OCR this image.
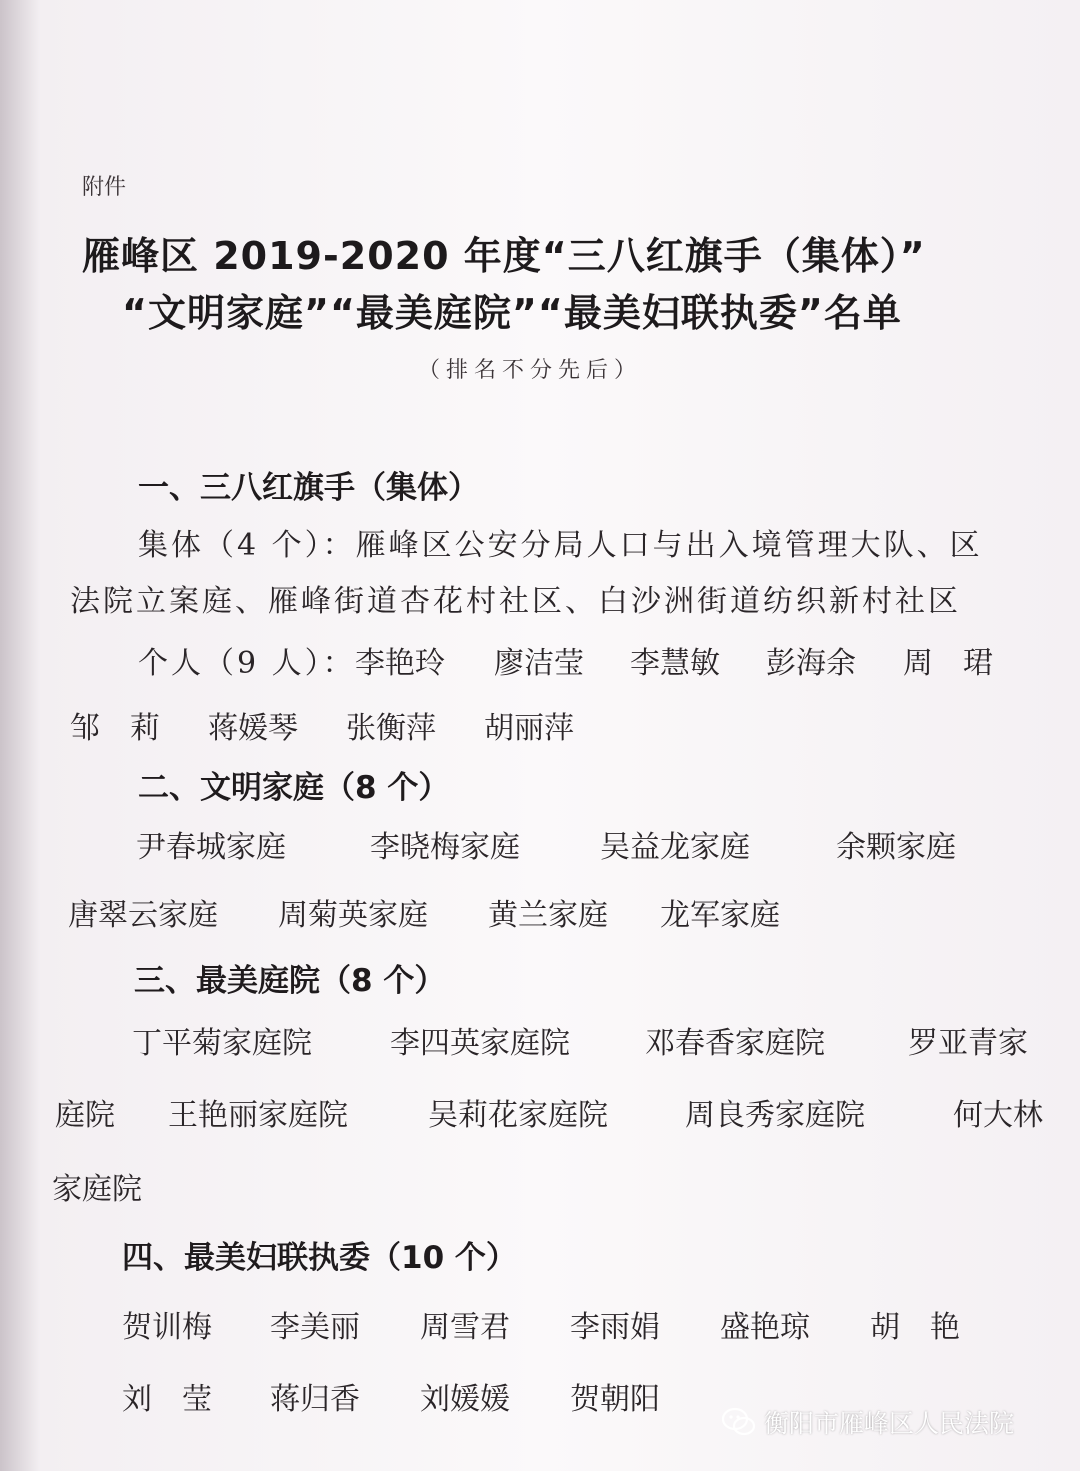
附件
雁峰区 2019-2020 年度“三八红旗手（集体）”
“文明家庭”“最美庭院”“最美妇联执委”名单
（排名不分先后）
一、三八红旗手（集体）
集体（4 个）：雁峰区公安分局人口与出入境管理大队、区
法院立案庭、雁峰街道杏花村社区、白沙洲街道纺织新村社区
个人（9 人）： 李艳玲 廖洁莹 李慧敏 彭海余 周　珺
邹　莉 蒋媛琴 张衡萍 胡丽萍
二、文明家庭（8 个）
尹春城家庭	李晓梅家庭	吴益龙家庭	余颗家庭
唐翠云家庭 周菊英家庭 黄兰家庭 龙军家庭
三、最美庭院（8 个）
丁平菊家庭院	李四英家庭院	邓春香家庭院	罗亚青家
庭院 王艳丽家庭院	吴莉花家庭院	周良秀家庭院	何大林
家庭院
四、最美妇联执委（10 个）
贺训梅 李美丽 周雪君 李雨娟 盛艳琼 胡　艳
刘　莹 蒋归香 刘媛媛 贺朝阳
衡阳市雁峰区人民法院
